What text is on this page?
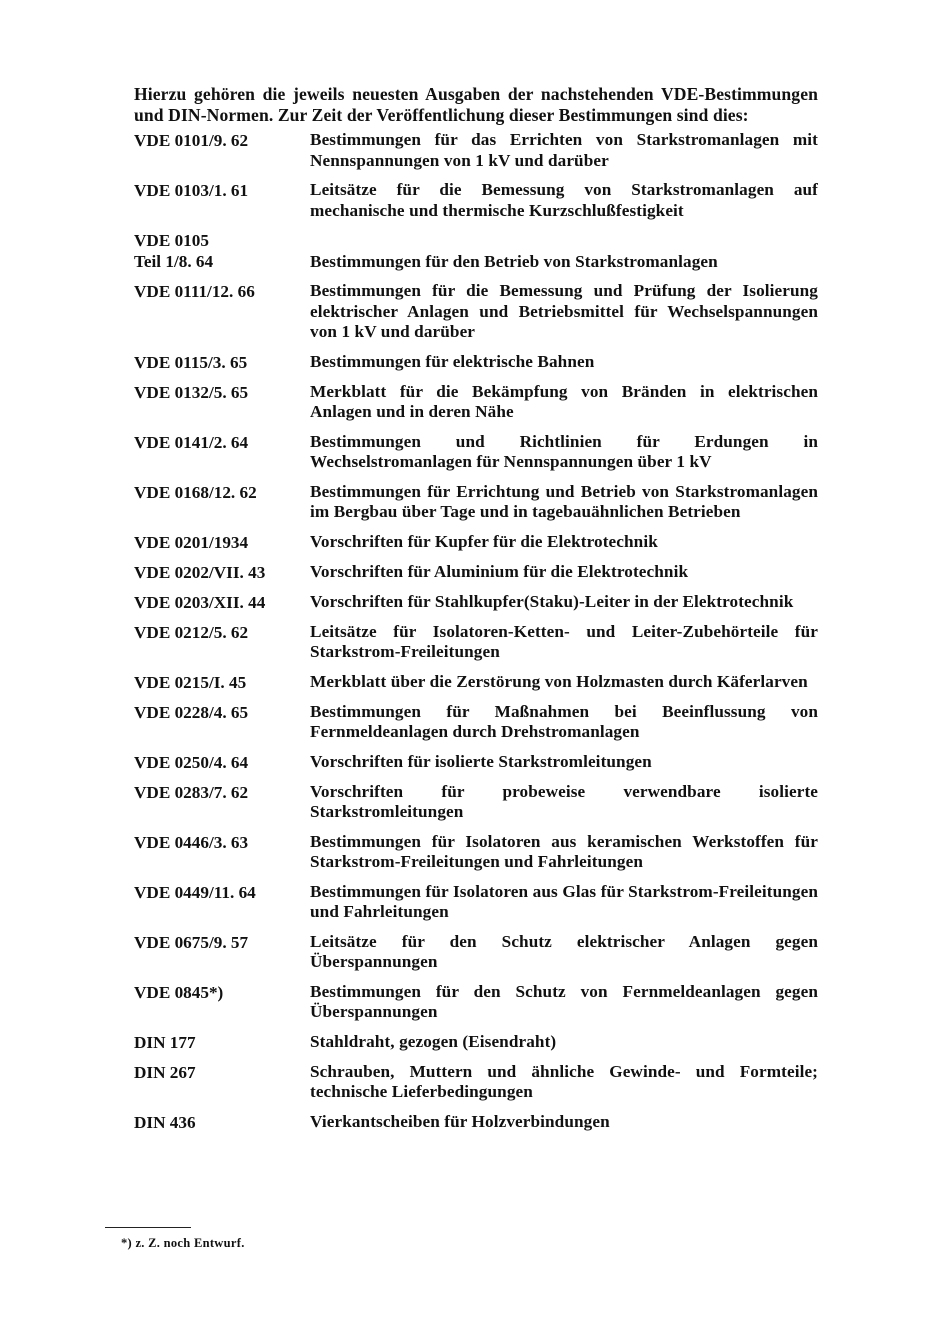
Hierzu gehören die jeweils neuesten Ausgaben der nachstehenden VDE-Bestimmungen und DIN-Normen. Zur Zeit der Veröffentlichung dieser Bestimmungen sind dies:

VDE 0101/9. 62	Bestimmungen für das Errichten von Starkstromanlagen mit Nennspannungen von 1 kV und darüber
VDE 0103/1. 61	Leitsätze für die Bemessung von Starkstromanlagen auf mechanische und thermische Kurzschlußfestigkeit
VDE 0105
Teil 1/8. 64	Bestimmungen für den Betrieb von Starkstromanlagen
VDE 0111/12. 66	Bestimmungen für die Bemessung und Prüfung der Isolierung elektrischer Anlagen und Betriebsmittel für Wechselspannungen von 1 kV und darüber
VDE 0115/3. 65	Bestimmungen für elektrische Bahnen
VDE 0132/5. 65	Merkblatt für die Bekämpfung von Bränden in elektrischen Anlagen und in deren Nähe
VDE 0141/2. 64	Bestimmungen und Richtlinien für Erdungen in Wechselstromanlagen für Nennspannungen über 1 kV
VDE 0168/12. 62	Bestimmungen für Errichtung und Betrieb von Starkstromanlagen im Bergbau über Tage und in tagebauähnlichen Betrieben
VDE 0201/1934	Vorschriften für Kupfer für die Elektrotechnik
VDE 0202/VII. 43	Vorschriften für Aluminium für die Elektrotechnik
VDE 0203/XII. 44	Vorschriften für Stahlkupfer(Staku)-Leiter in der Elektrotechnik
VDE 0212/5. 62	Leitsätze für Isolatoren-Ketten- und Leiter-Zubehörteile für Starkstrom-Freileitungen
VDE 0215/I. 45	Merkblatt über die Zerstörung von Holzmasten durch Käferlarven
VDE 0228/4. 65	Bestimmungen für Maßnahmen bei Beeinflussung von Fernmeldeanlagen durch Drehstromanlagen
VDE 0250/4. 64	Vorschriften für isolierte Starkstromleitungen
VDE 0283/7. 62	Vorschriften für probeweise verwendbare isolierte Starkstromleitungen
VDE 0446/3. 63	Bestimmungen für Isolatoren aus keramischen Werkstoffen für Starkstrom-Freileitungen und Fahrleitungen
VDE 0449/11. 64	Bestimmungen für Isolatoren aus Glas für Starkstrom-Freileitungen und Fahrleitungen
VDE 0675/9. 57	Leitsätze für den Schutz elektrischer Anlagen gegen Überspannungen
VDE 0845*)	Bestimmungen für den Schutz von Fernmeldeanlagen gegen Überspannungen
DIN 177	Stahldraht, gezogen (Eisendraht)
DIN 267	Schrauben, Muttern und ähnliche Gewinde- und Formteile; technische Lieferbedingungen
DIN 436	Vierkantscheiben für Holzverbindungen
*) z. Z. noch Entwurf.
